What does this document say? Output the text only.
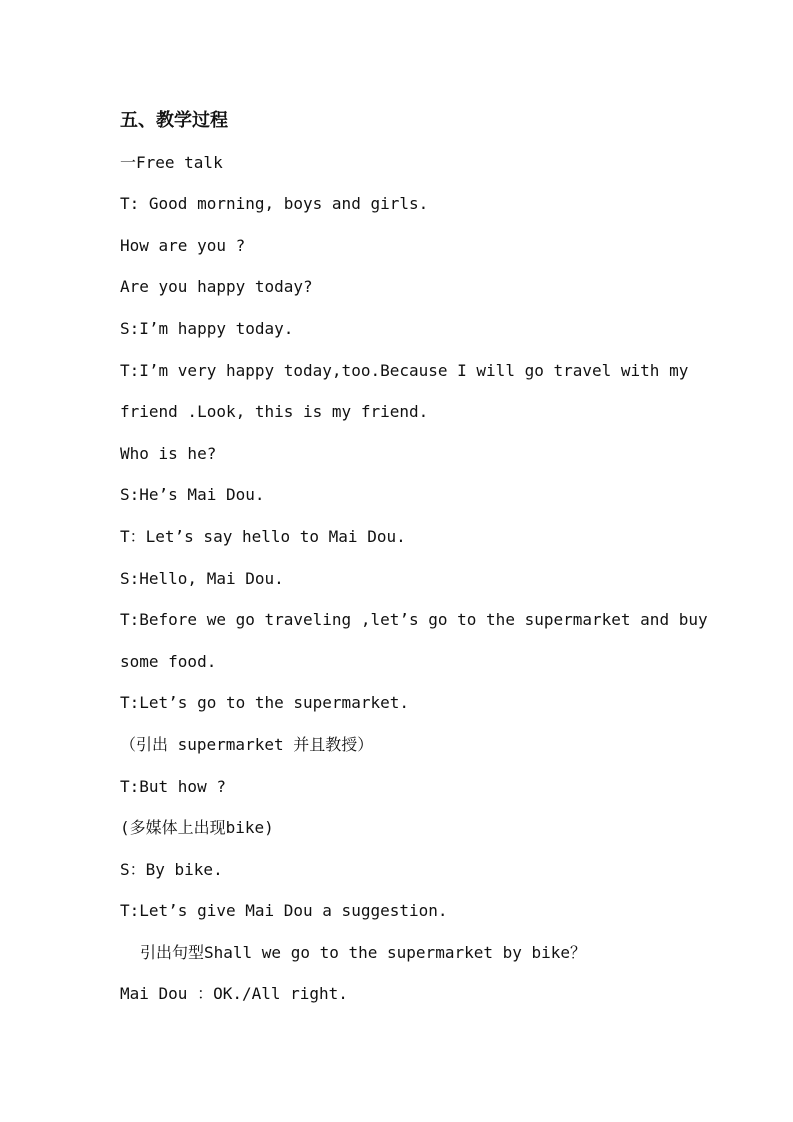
五、教学过程
一Free talk
T: Good morning, boys and girls.
How are you ?
Are you happy today?
S:I’m happy today.
T:I’m very happy today,too.Because I will go travel with my
friend .Look, this is my friend.
Who is he?
S:He’s Mai Dou.
T：Let’s say hello to Mai Dou.
S:Hello, Mai Dou.
T:Before we go traveling ,let’s go to the supermarket and buy
some food.
T:Let’s go to the supermarket.
（引出 supermarket 并且教授）
T:But how ?
(多媒体上出现bike)
S：By bike.
T:Let’s give Mai Dou a suggestion.
引出句型Shall we go to the supermarket by bike？
Mai Dou ：OK./All right.
